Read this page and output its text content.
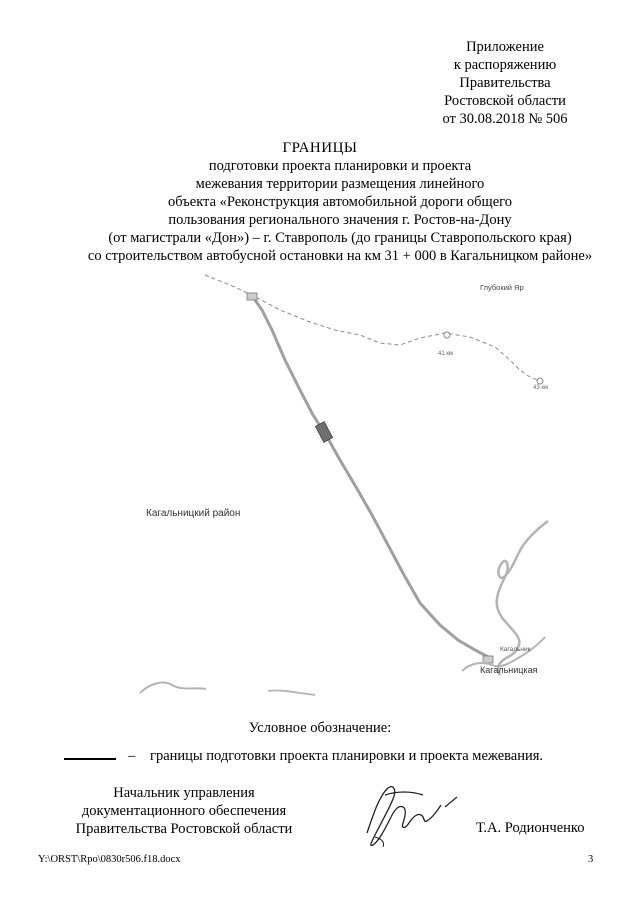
Приложение
к распоряжению
Правительства
Ростовской области
от 30.08.2018 № 506
ГРАНИЦЫ
подготовки проекта планировки и проекта
межевания территории размещения линейного
объекта «Реконструкция автомобильной дороги общего
пользования регионального значения г. Ростов-на-Дону
(от магистрали «Дон») – г. Ставрополь (до границы Ставропольского края)
со строительством автобусной остановки на км 31 + 000 в Кагальницком районе»
Глубокий Яр
41 км
43 км
Кагальницкий район
Кагальник
Кагальницкая
Условное обозначение:
– границы подготовки проекта планировки и проекта межевания.
Начальник управления
документационного обеспечения
Правительства Ростовской области	Т.А. Родионченко
Y:\ORST\Rpo\0830r506.f18.docx	3
